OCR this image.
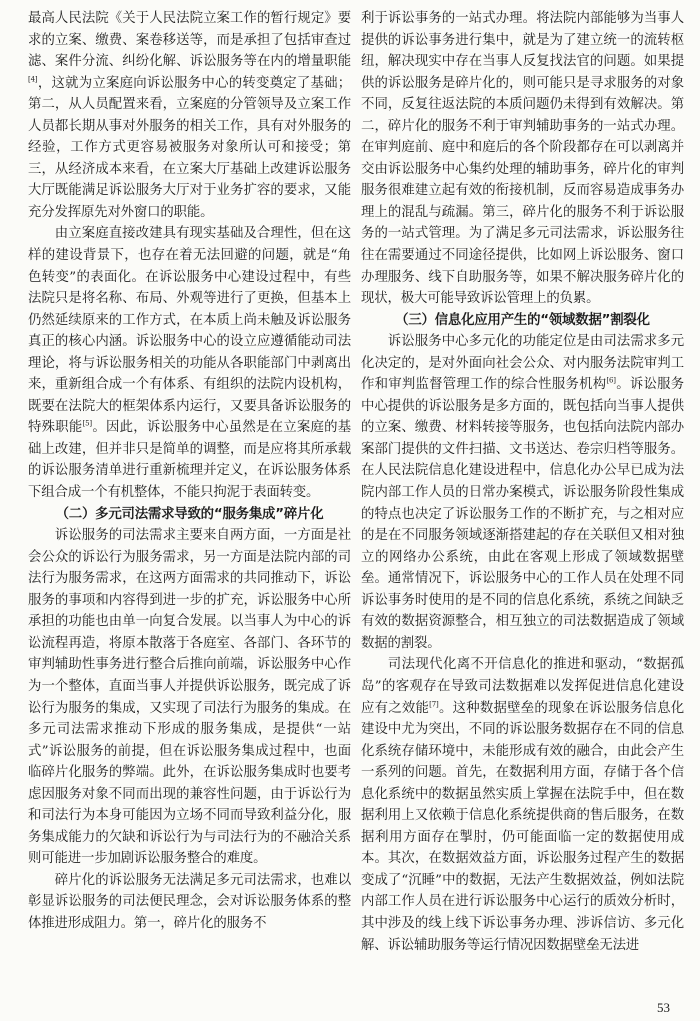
最高人民法院《关于人民法院立案工作的暂行规定》要求的立案、缴费、案卷移送等，而是承担了包括审查过滤、案件分流、纠纷化解、诉讼服务等在内的增量职能[4]，这就为立案庭向诉讼服务中心的转变奠定了基础；第二，从人员配置来看，立案庭的分管领导及立案工作人员都长期从事对外服务的相关工作，具有对外服务的经验，工作方式更容易被服务对象所认可和接受；第三，从经济成本来看，在立案大厅基础上改建诉讼服务大厅既能满足诉讼服务大厅对于业务扩容的要求，又能充分发挥原先对外窗口的职能。

由立案庭直接改建具有现实基础及合理性，但在这样的建设背景下，也存在着无法回避的问题，就是“角色转变”的表面化。在诉讼服务中心建设过程中，有些法院只是将名称、布局、外观等进行了更换，但基本上仍然延续原来的工作方式，在本质上尚未触及诉讼服务真正的核心内涵。诉讼服务中心的设立应遵循能动司法理论，将与诉讼服务相关的功能从各职能部门中剥离出来，重新组合成一个有体系、有组织的法院内设机构，既要在法院大的框架体系内运行，又要具备诉讼服务的特殊职能[5]。因此，诉讼服务中心虽然是在立案庭的基础上改建，但并非只是简单的调整，而是应将其所承载的诉讼服务清单进行重新梳理并定义，在诉讼服务体系下组合成一个有机整体，不能只拘泥于表面转变。

（二）多元司法需求导致的“服务集成”碎片化

诉讼服务的司法需求主要来自两方面，一方面是社会公众的诉讼行为服务需求，另一方面是法院内部的司法行为服务需求，在这两方面需求的共同推动下，诉讼服务的事项和内容得到进一步的扩充，诉讼服务中心所承担的功能也由单一向复合发展。以当事人为中心的诉讼流程再造，将原本散落于各庭室、各部门、各环节的审判辅助性事务进行整合后推向前端，诉讼服务中心作为一个整体，直面当事人并提供诉讼服务，既完成了诉讼行为服务的集成，又实现了司法行为服务的集成。在多元司法需求推动下形成的服务集成，是提供“一站式”诉讼服务的前提，但在诉讼服务集成过程中，也面临碎片化服务的弊端。此外，在诉讼服务集成时也要考虑因服务对象不同而出现的兼容性问题，由于诉讼行为和司法行为本身可能因为立场不同而导致利益分化，服务集成能力的欠缺和诉讼行为与司法行为的不融洽关系则可能进一步加剧诉讼服务整合的难度。

碎片化的诉讼服务无法满足多元司法需求，也难以彰显诉讼服务的司法便民理念，会对诉讼服务体系的整体推进形成阻力。第一，碎片化的服务不

利于诉讼事务的一站式办理。将法院内部能够为当事人提供的诉讼事务进行集中，就是为了建立统一的流转枢纽，解决现实中存在当事人反复找法官的问题。如果提供的诉讼服务是碎片化的，则可能只是寻求服务的对象不同，反复往返法院的本质问题仍未得到有效解决。第二，碎片化的服务不利于审判辅助事务的一站式办理。在审判庭前、庭中和庭后的各个阶段都存在可以剥离并交由诉讼服务中心集约处理的辅助事务，碎片化的审判服务很难建立起有效的衔接机制，反而容易造成事务办理上的混乱与疏漏。第三，碎片化的服务不利于诉讼服务的一站式管理。为了满足多元司法需求，诉讼服务往往在需要通过不同途径提供，比如网上诉讼服务、窗口办理服务、线下自助服务等，如果不解决服务碎片化的现状，极大可能导致诉讼管理上的负累。

（三）信息化应用产生的“领域数据”割裂化

诉讼服务中心多元化的功能定位是由司法需求多元化决定的，是对外面向社会公众、对内服务法院审判工作和审判监督管理工作的综合性服务机构[6]。诉讼服务中心提供的诉讼服务是多方面的，既包括向当事人提供的立案、缴费、材料转接等服务，也包括向法院内部办案部门提供的文件扫描、文书送达、卷宗归档等服务。在人民法院信息化建设进程中，信息化办公早已成为法院内部工作人员的日常办案模式，诉讼服务阶段性集成的特点也决定了诉讼服务工作的不断扩充，与之相对应的是在不同服务领域逐渐搭建起的存在关联但又相对独立的网络办公系统，由此在客观上形成了领域数据壁垒。通常情况下，诉讼服务中心的工作人员在处理不同诉讼事务时使用的是不同的信息化系统，系统之间缺乏有效的数据资源整合，相互独立的司法数据造成了领域数据的割裂。

司法现代化离不开信息化的推进和驱动，“数据孤岛”的客观存在导致司法数据难以发挥促进信息化建设应有之效能[7]。这种数据壁垒的现象在诉讼服务信息化建设中尤为突出，不同的诉讼服务数据存在不同的信息化系统存储环境中，未能形成有效的融合，由此会产生一系列的问题。首先，在数据利用方面，存储于各个信息化系统中的数据虽然实质上掌握在法院手中，但在数据利用上又依赖于信息化系统提供商的售后服务，在数据利用方面存在掣肘，仍可能面临一定的数据使用成本。其次，在数据效益方面，诉讼服务过程产生的数据变成了“沉睡”中的数据，无法产生数据效益，例如法院内部工作人员在进行诉讼服务中心运行的质效分析时，其中涉及的线上线下诉讼事务办理、涉诉信访、多元化解、诉讼辅助服务等运行情况因数据壁垒无法进

53
